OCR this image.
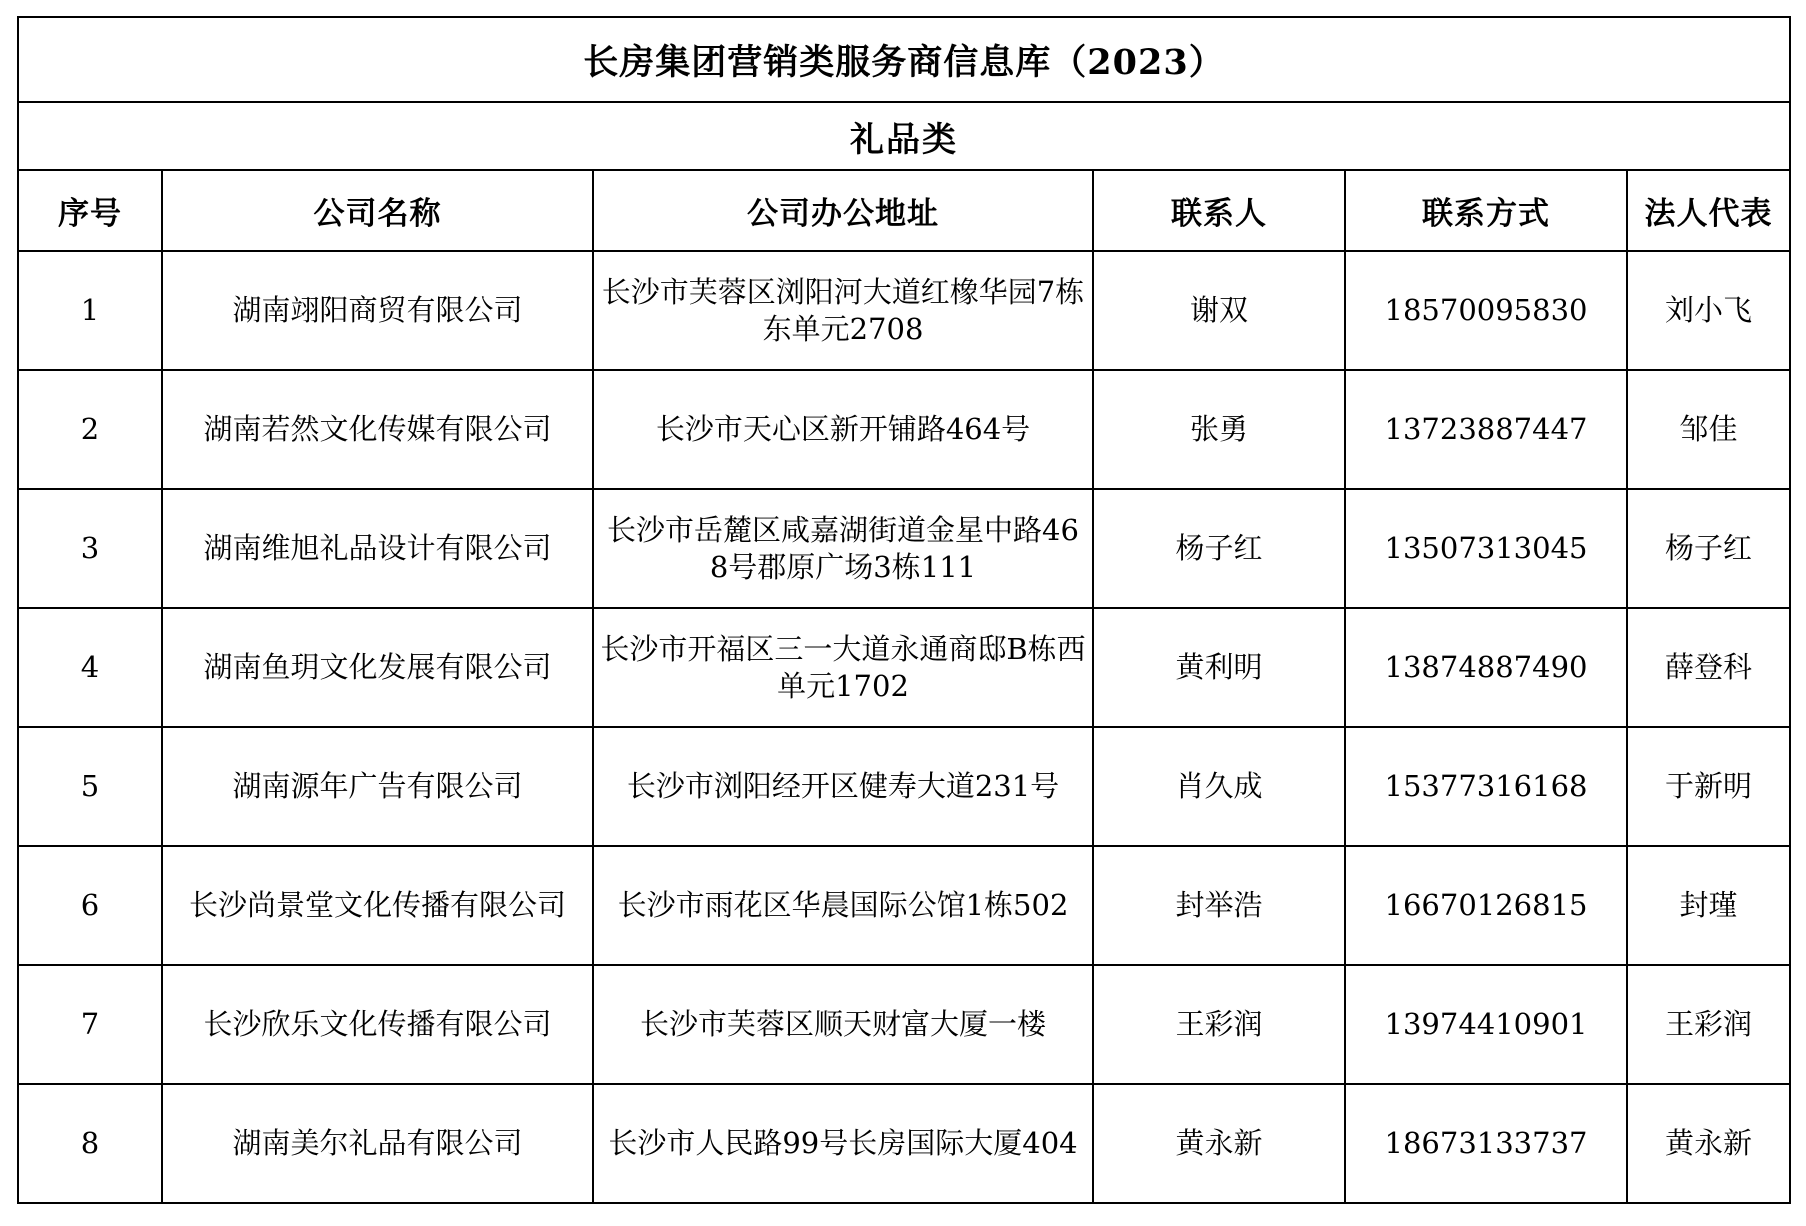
长房集团营销类服务商信息库（2023）					
礼品类					
序号	公司名称	公司办公地址	联系人	联系方式	法人代表
1	湖南翊阳商贸有限公司	长沙市芙蓉区浏阳河大道红橡华园7栋东单元2708	谢双	18570095830	刘小飞
2	湖南若然文化传媒有限公司	长沙市天心区新开铺路464号	张勇	13723887447	邹佳
3	湖南维旭礼品设计有限公司	长沙市岳麓区咸嘉湖街道金星中路468号郡原广场3栋111	杨子红	13507313045	杨子红
4	湖南鱼玥文化发展有限公司	长沙市开福区三一大道永通商邸B栋西单元1702	黄利明	13874887490	薛登科
5	湖南源年广告有限公司	长沙市浏阳经开区健寿大道231号	肖久成	15377316168	于新明
6	长沙尚景堂文化传播有限公司	长沙市雨花区华晨国际公馆1栋502	封举浩	16670126815	封瑾
7	长沙欣乐文化传播有限公司	长沙市芙蓉区顺天财富大厦一楼	王彩润	13974410901	王彩润
8	湖南美尔礼品有限公司	长沙市人民路99号长房国际大厦404	黄永新	18673133737	黄永新
